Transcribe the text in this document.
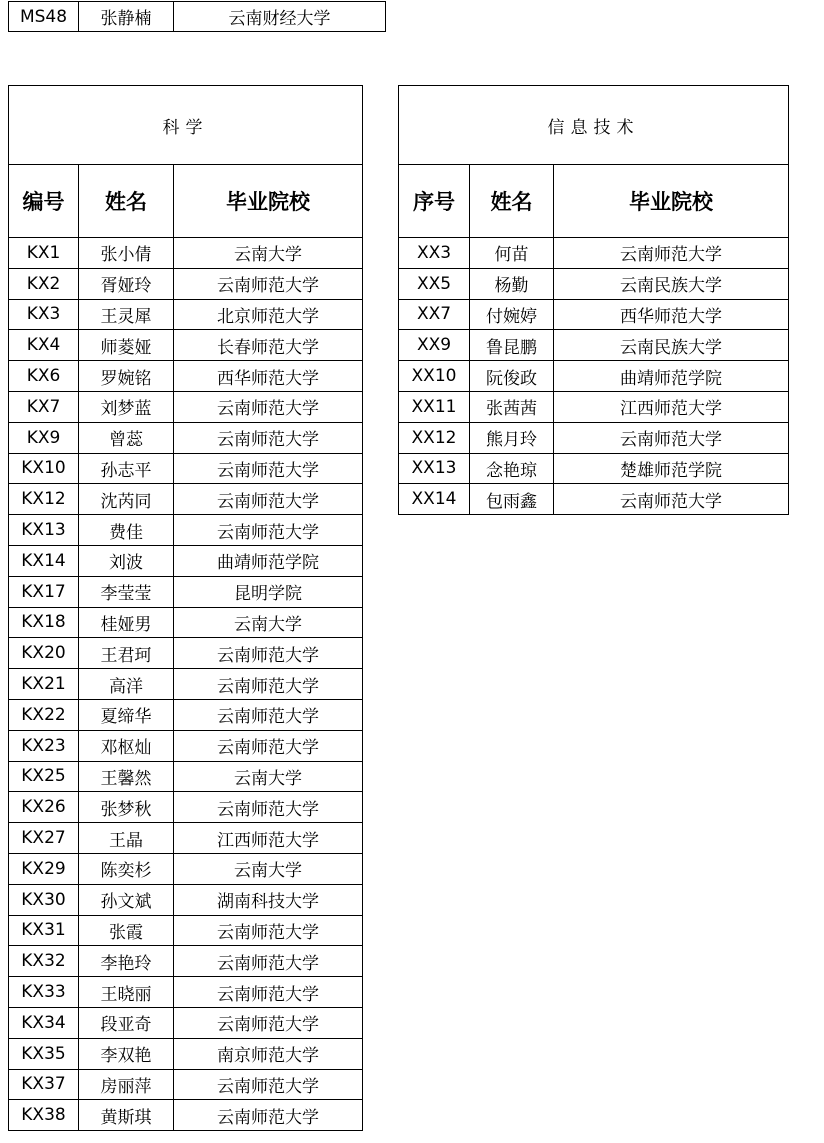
MS48	张静楠	云南财经大学
科学		
编号	姓名	毕业院校
KX1	张小倩	云南大学
KX2	胥娅玲	云南师范大学
KX3	王灵犀	北京师范大学
KX4	师菱娅	长春师范大学
KX6	罗婉铭	西华师范大学
KX7	刘梦蓝	云南师范大学
KX9	曾蕊	云南师范大学
KX10	孙志平	云南师范大学
KX12	沈芮同	云南师范大学
KX13	费佳	云南师范大学
KX14	刘波	曲靖师范学院
KX17	李莹莹	昆明学院
KX18	桂娅男	云南大学
KX20	王君珂	云南师范大学
KX21	高洋	云南师范大学
KX22	夏缔华	云南师范大学
KX23	邓枢灿	云南师范大学
KX25	王馨然	云南大学
KX26	张梦秋	云南师范大学
KX27	王晶	江西师范大学
KX29	陈奕杉	云南大学
KX30	孙文斌	湖南科技大学
KX31	张霞	云南师范大学
KX32	李艳玲	云南师范大学
KX33	王晓丽	云南师范大学
KX34	段亚奇	云南师范大学
KX35	李双艳	南京师范大学
KX37	房丽萍	云南师范大学
KX38	黄斯琪	云南师范大学
信息技术		
序号	姓名	毕业院校
XX3	何苗	云南师范大学
XX5	杨勤	云南民族大学
XX7	付婉婷	西华师范大学
XX9	鲁昆鹏	云南民族大学
XX10	阮俊政	曲靖师范学院
XX11	张茜茜	江西师范大学
XX12	熊月玲	云南师范大学
XX13	念艳琼	楚雄师范学院
XX14	包雨鑫	云南师范大学
